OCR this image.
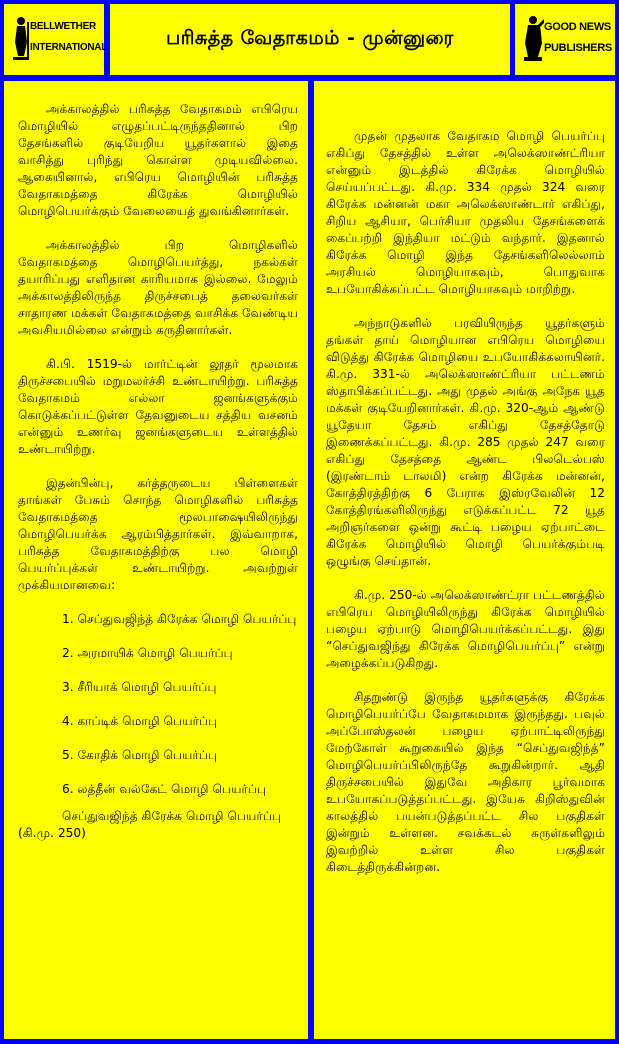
BELLWETHER
INTERNATIONAL	பரிசுத்த வேதாகமம் - முன்னுரை	GOOD NEWS
PUBLISHERS

அக்காலத்தில் பரிசுத்த வேதாகமம் எபிரெய மொழியில் எழுதப்பட்டிருந்ததினால் பிற தேசங்களில் குடியேறிய யூதர்களால் இதை வாசித்து புரிந்து கொள்ள முடியவில்லை. ஆகையினால், எபிரெய மொழியின் பரிசுத்த வேதாகமத்தை கிரேக்க மொழியில் மொழிபெயர்க்கும் வேலையைத் துவங்கினார்கள்.

அக்காலத்தில் பிற மொழிகளில் வேதாகமத்தை மொழிபெயர்த்து, நகல்கள் தயாரிப்பது எளிதான காரியமாக இல்லை. மேலும் அக்காலத்திலிருந்த திருச்சபைத் தலைவர்கள் சாதாரண மக்கள் வேதாகமத்தை வாசிக்க வேண்டிய அவசியமில்லை என்றும் கருதினார்கள்.

கி.பி. 1519-ல் மார்ட்டின் லூதர் மூலமாக திருச்சபையில் மறுமலர்ச்சி உண்டாயிற்று. பரிசுத்த வேதாகமம் எல்லா ஜனங்களுக்கும் கொடுக்கப்பட்டுள்ள தேவனுடைய சத்திய வசனம் என்னும் உணர்வு ஜனங்களுடைய உள்ளத்தில் உண்டாயிற்று.

இதன்பின்பு, கர்த்தருடைய பிள்ளைகள் தாங்கள் பேசும் சொந்த மொழிகளில் பரிசுத்த வேதாகமத்தை மூலபாஷையிலிருந்து மொழிபெயர்க்க ஆரம்பித்தார்கள். இவ்வாறாக, பரிசுத்த வேதாகமத்திற்கு பல மொழி பெயர்ப்புக்கள் உண்டாயிற்று. அவற்றுள் முக்கியமானவை:

1. செப்துவஜிந்த் கிரேக்க மொழி பெயர்ப்பு
2. அரமாயிக் மொழி பெயர்ப்பு
3. சீரியாக் மொழி பெயர்ப்பு
4. காப்டிக் மொழி பெயர்ப்பு
5. கோதிக் மொழி பெயர்ப்பு
6. லத்தீன் வல்கேட் மொழி பெயர்ப்பு
செப்துவஜிந்த் கிரேக்க மொழி பெயர்ப்பு (கி.மு. 250)

முதன் முதலாக வேதாகம மொழி பெயர்ப்பு எகிப்து தேசத்தில் உள்ள அலெக்ஸாண்ட்ரியா என்னும் இடத்தில் கிரேக்க மொழியில் செய்யப்பட்டது. கி.மு. 334 முதல் 324 வரை கிரேக்க மன்னன் மகா அலெக்ஸாண்டார் எகிப்து, சிறிய ஆசியா, பெர்சியா முதலிய தேசங்களைக் கைப்பற்றி இந்தியா மட்டும் வந்தார். இதனால் கிரேக்க மொழி இந்த தேசங்களிலெல்லாம் அரசியல் மொழியாகவும், பொதுவாக உபயோகிக்கப்பட்ட மொழியாகவும் மாறிற்று.

அந்நாடுகளில் பரவியிருந்த யூதர்களும் தங்கள் தாய் மொழியான எபிரெய மொழியை விடுத்து கிரேக்க மொழியை உபயோகிக்கலாயினர். கி.மு. 331-ல் அலெக்ஸாண்ட்ரியா பட்டணம் ஸ்தாபிக்கப்பட்டது. அது முதல் அங்கு அநேக யூத மக்கள் குடியேறினார்கள். கி.மு. 320-ஆம் ஆண்டு யூதேயா தேசம் எகிப்து தேசத்தோடு இணைக்கப்பட்டது. கி.மு. 285 முதல் 247 வரை எகிப்து தேசத்தை ஆண்ட பிலடெல்பஸ் (இரண்டாம் டாலமி) என்ற கிரேக்க மன்னன், கோத்திரத்திற்கு 6 பேராக இஸ்ரவேலின் 12 கோத்திரங்களிலிருந்து எடுக்கப்பட்ட 72 யூத அறிஞர்களை ஒன்று கூட்டி பழைய ஏற்பாட்டை கிரேக்க மொழியில் மொழி பெயர்க்கும்படி ஒழுங்கு செய்தான்.

கி.மு. 250-ல் அலெக்ஸாண்ட்ரா பட்டணத்தில் எபிரெய மொழியிலிருந்து கிரேக்க மொழியில் பழைய ஏற்பாடு மொழிபெயர்க்கப்பட்டது. இது “செப்துவஜிந்து கிரேக்க மொழிபெயர்ப்பு” என்று அழைக்கப்படுகிறது.

சிதறுண்டு இருந்த யூதர்களுக்கு கிரேக்க மொழிபெயர்ப்பே வேதாகமமாக இருந்தது. பவுல் அப்போஸ்தலன் பழைய ஏற்பாட்டிலிருந்து மேற்கோள் கூறுகையில் இந்த “செப்துவஜிந்த்” மொழிபெயர்ப்பிலிருந்தே கூறுகின்றார். ஆதி திருச்சபையில் இதுவே அதிகார பூர்வமாக உபயோகப்படுத்தப்பட்டது. இயேசு கிறிஸ்துவின் காலத்தில் பயன்படுத்தப்பட்ட சில பகுதிகள் இன்றும் உள்ளன. சவக்கடல் சுருள்களிலும் இவற்றில் உள்ள சில பகுதிகள் கிடைத்திருக்கின்றன.
